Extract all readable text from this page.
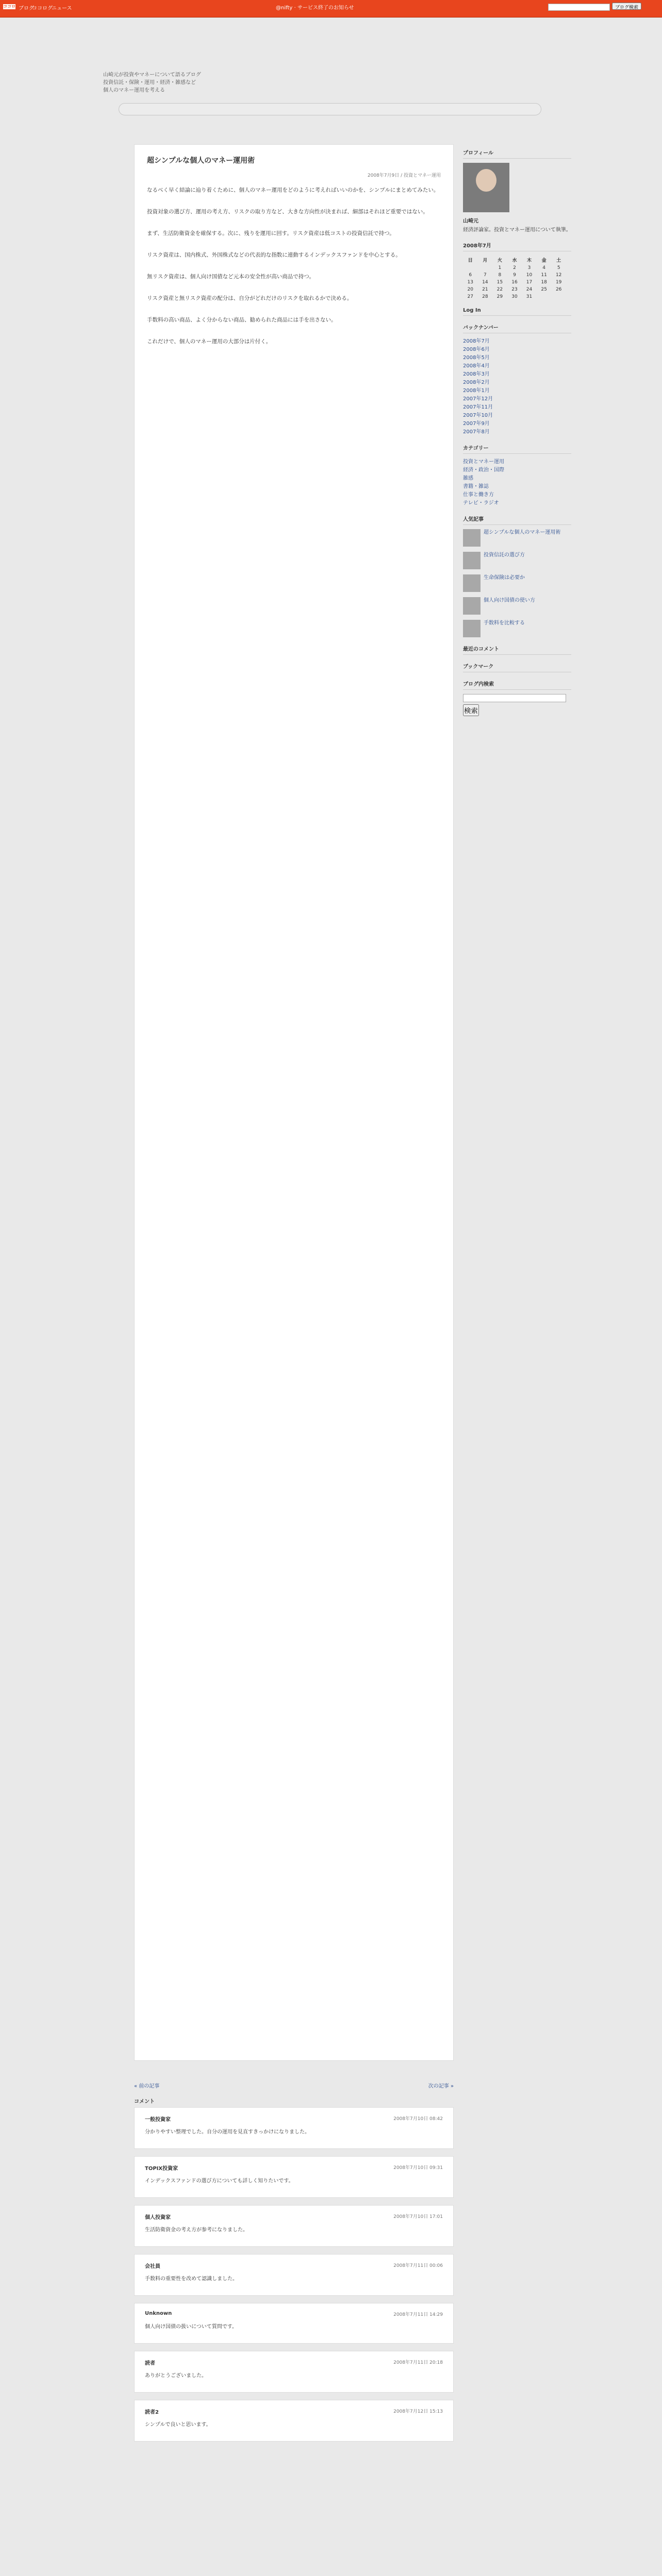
ココログ
ブログ
ココログ
ニュース	@nifty · サービス終了のお知らせ	ブログ検索

山崎元が投資やマネーについて語るブログ

投資信託・保険・運用・経済・雑感など

個人のマネー運用を考える

超シンプルな個人のマネー運用術
2008年7月9日 / 投資とマネー運用

なるべく早く結論に辿り着くために、個人のマネー運用をどのように考えればいいのかを、シンプルにまとめてみたい。

投資対象の選び方、運用の考え方、リスクの取り方など、大きな方向性が決まれば、細部はそれほど重要ではない。

まず、生活防衛資金を確保する。次に、残りを運用に回す。リスク資産は低コストの投資信託で持つ。

リスク資産は、国内株式、外国株式などの代表的な指数に連動するインデックスファンドを中心とする。

無リスク資産は、個人向け国債など元本の安全性が高い商品で持つ。

リスク資産と無リスク資産の配分は、自分がどれだけのリスクを取れるかで決める。

手数料の高い商品、よく分からない商品、勧められた商品には手を出さない。

これだけで、個人のマネー運用の大部分は片付く。

« 前の記事	次の記事 »
コメント
一般投資家	2008年7月10日 08:42

分かりやすい整理でした。自分の運用を見直すきっかけになりました。

TOPIX投資家	2008年7月10日 09:31

インデックスファンドの選び方についても詳しく知りたいです。

個人投資家	2008年7月10日 17:01

生活防衛資金の考え方が参考になりました。

会社員	2008年7月11日 00:06

手数料の重要性を改めて認識しました。

Unknown	2008年7月11日 14:29

個人向け国債の扱いについて質問です。

読者	2008年7月11日 20:18

ありがとうございました。

読者2	2008年7月12日 15:13

シンプルで良いと思います。

プロフィール
山崎元
経済評論家。投資とマネー運用について執筆。
2008年7月
日	月	火	水	木	金	土
		1	2	3	4	5
6	7	8	9	10	11	12
13	14	15	16	17	18	19
20	21	22	23	24	25	26
27	28	29	30	31		
Log In
バックナンバー
2008年7月
2008年6月
2008年5月
2008年4月
2008年3月
2008年2月
2008年1月
2007年12月
2007年11月
2007年10月
2007年9月
2007年8月
カテゴリー
投資とマネー運用
経済・政治・国際
雑感
書籍・雑誌
仕事と働き方
テレビ・ラジオ
人気記事
超シンプルな個人のマネー運用術
投資信託の選び方
生命保険は必要か
個人向け国債の使い方
手数料を比較する
最近のコメント
ブックマーク
ブログ内検索
検索
